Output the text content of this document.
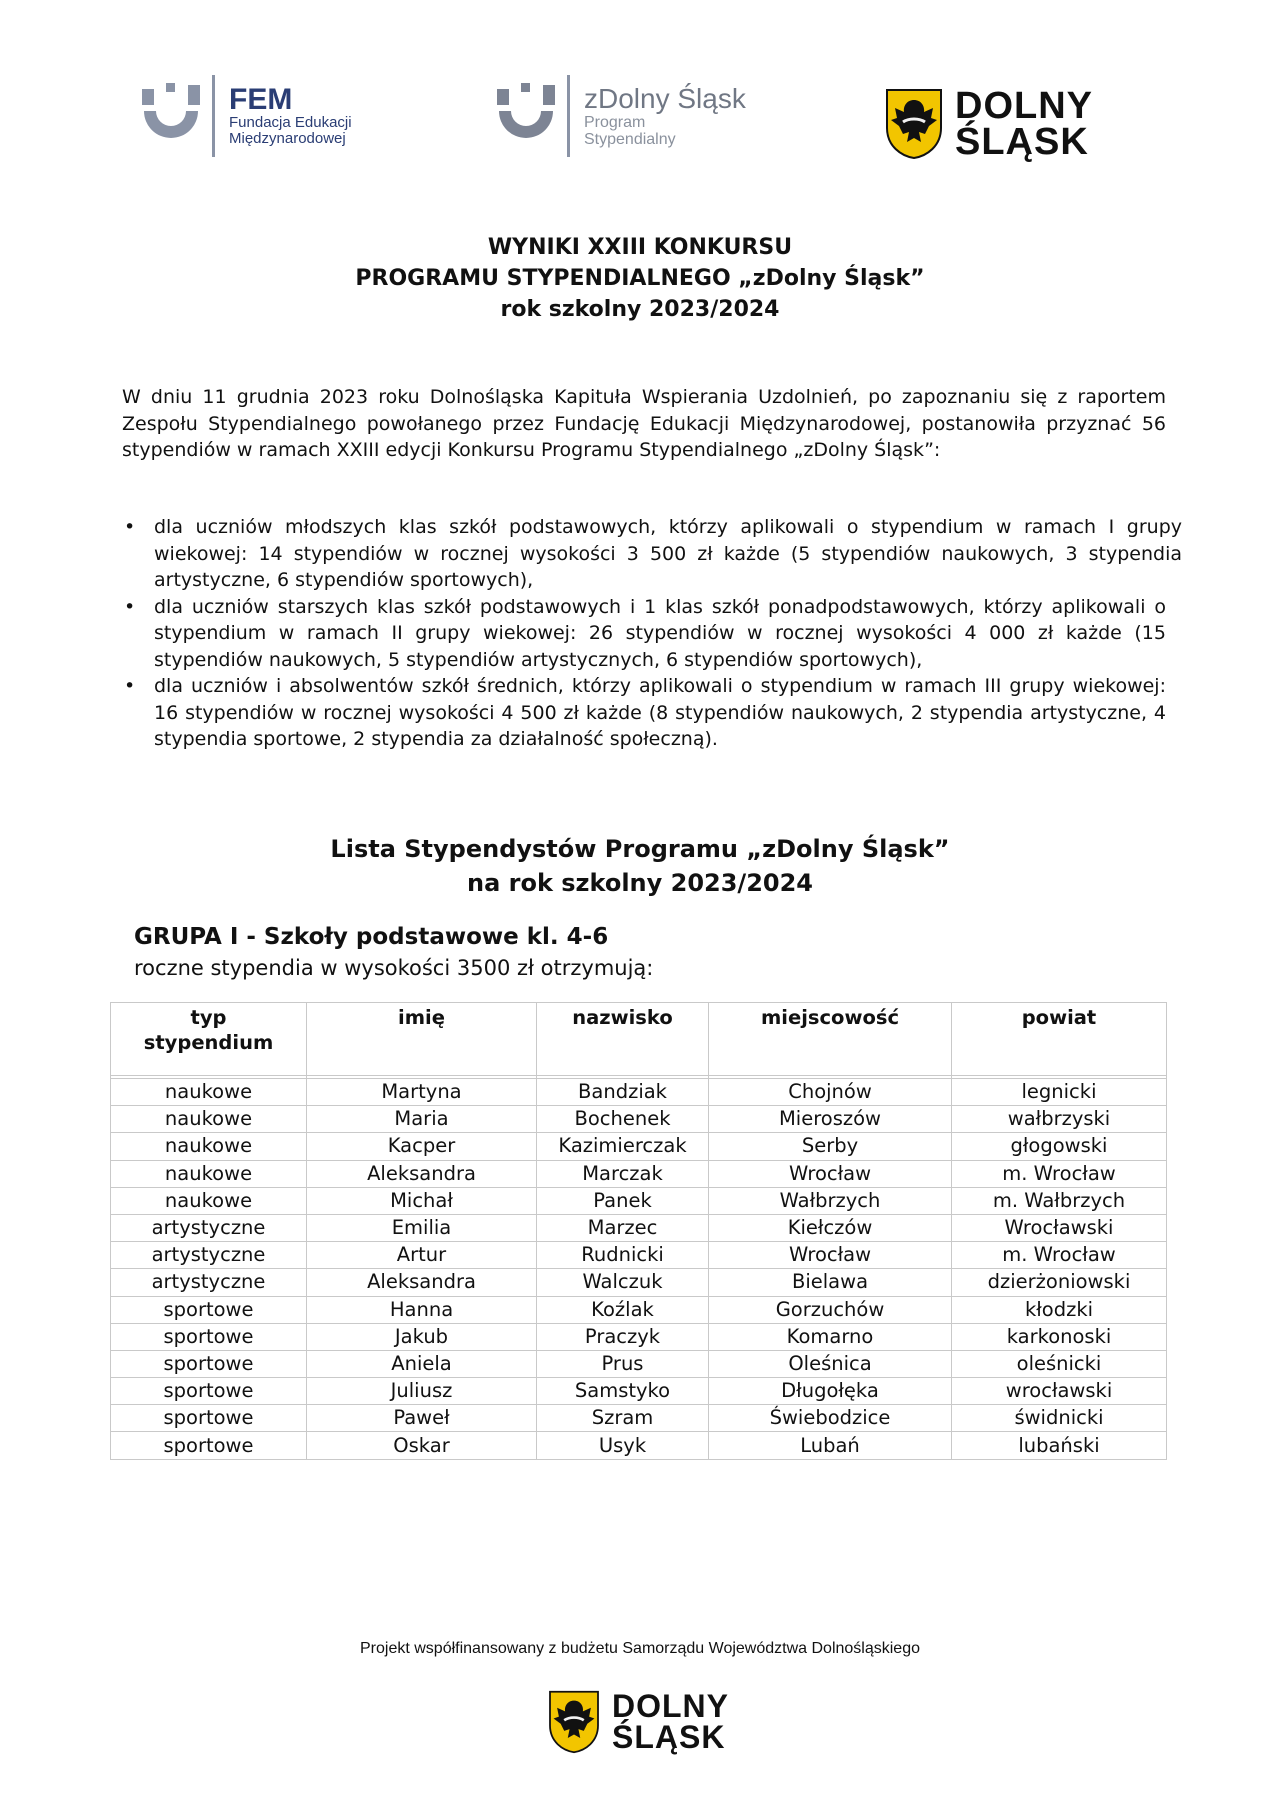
FEM
Fundacja Edukacji
Międzynarodowej
zDolny Śląsk
Program
Stypendialny
DOLNY
ŚLĄSK
WYNIKI XXIII KONKURSU
PROGRAMU STYPENDIALNEGO „zDolny Śląsk”
rok szkolny 2023/2024
W dniu 11 grudnia 2023 roku Dolnośląska Kapituła Wspierania Uzdolnień, po zapoznaniu się z raportem Zespołu Stypendialnego powołanego przez Fundację Edukacji Międzynarodowej, postanowiła przyznać 56 stypendiów w ramach XXIII edycji Konkursu Programu Stypendialnego „zDolny Śląsk”:
• dla uczniów młodszych klas szkół podstawowych, którzy aplikowali o stypendium w ramach I grupy wiekowej: 14 stypendiów w rocznej wysokości 3 500 zł każde (5 stypendiów naukowych, 3 stypendia artystyczne, 6 stypendiów sportowych),
• dla uczniów starszych klas szkół podstawowych i 1 klas szkół ponadpodstawowych, którzy aplikowali o stypendium w ramach II grupy wiekowej: 26 stypendiów w rocznej wysokości 4 000 zł każde (15 stypendiów naukowych, 5 stypendiów artystycznych, 6 stypendiów sportowych),
• dla uczniów i absolwentów szkół średnich, którzy aplikowali o stypendium w ramach III grupy wiekowej: 16 stypendiów w rocznej wysokości 4 500 zł każde (8 stypendiów naukowych, 2 stypendia artystyczne, 4 stypendia sportowe, 2 stypendia za działalność społeczną).
Lista Stypendystów Programu „zDolny Śląsk”
na rok szkolny 2023/2024
GRUPA I - Szkoły podstawowe kl. 4-6
roczne stypendia w wysokości 3500 zł otrzymują:
typ stypendium	imię	nazwisko	miejscowość	powiat

naukowe	Martyna	Bandziak	Chojnów	legnicki
naukowe	Maria	Bochenek	Mieroszów	wałbrzyski
naukowe	Kacper	Kazimierczak	Serby	głogowski
naukowe	Aleksandra	Marczak	Wrocław	m. Wrocław
naukowe	Michał	Panek	Wałbrzych	m. Wałbrzych
artystyczne	Emilia	Marzec	Kiełczów	Wrocławski
artystyczne	Artur	Rudnicki	Wrocław	m. Wrocław
artystyczne	Aleksandra	Walczuk	Bielawa	dzierżoniowski
sportowe	Hanna	Koźlak	Gorzuchów	kłodzki
sportowe	Jakub	Praczyk	Komarno	karkonoski
sportowe	Aniela	Prus	Oleśnica	oleśnicki
sportowe	Juliusz	Samstyko	Długołęka	wrocławski
sportowe	Paweł	Szram	Świebodzice	świdnicki
sportowe	Oskar	Usyk	Lubań	lubański
Projekt współfinansowany z budżetu Samorządu Województwa Dolnośląskiego
DOLNY
ŚLĄSK
